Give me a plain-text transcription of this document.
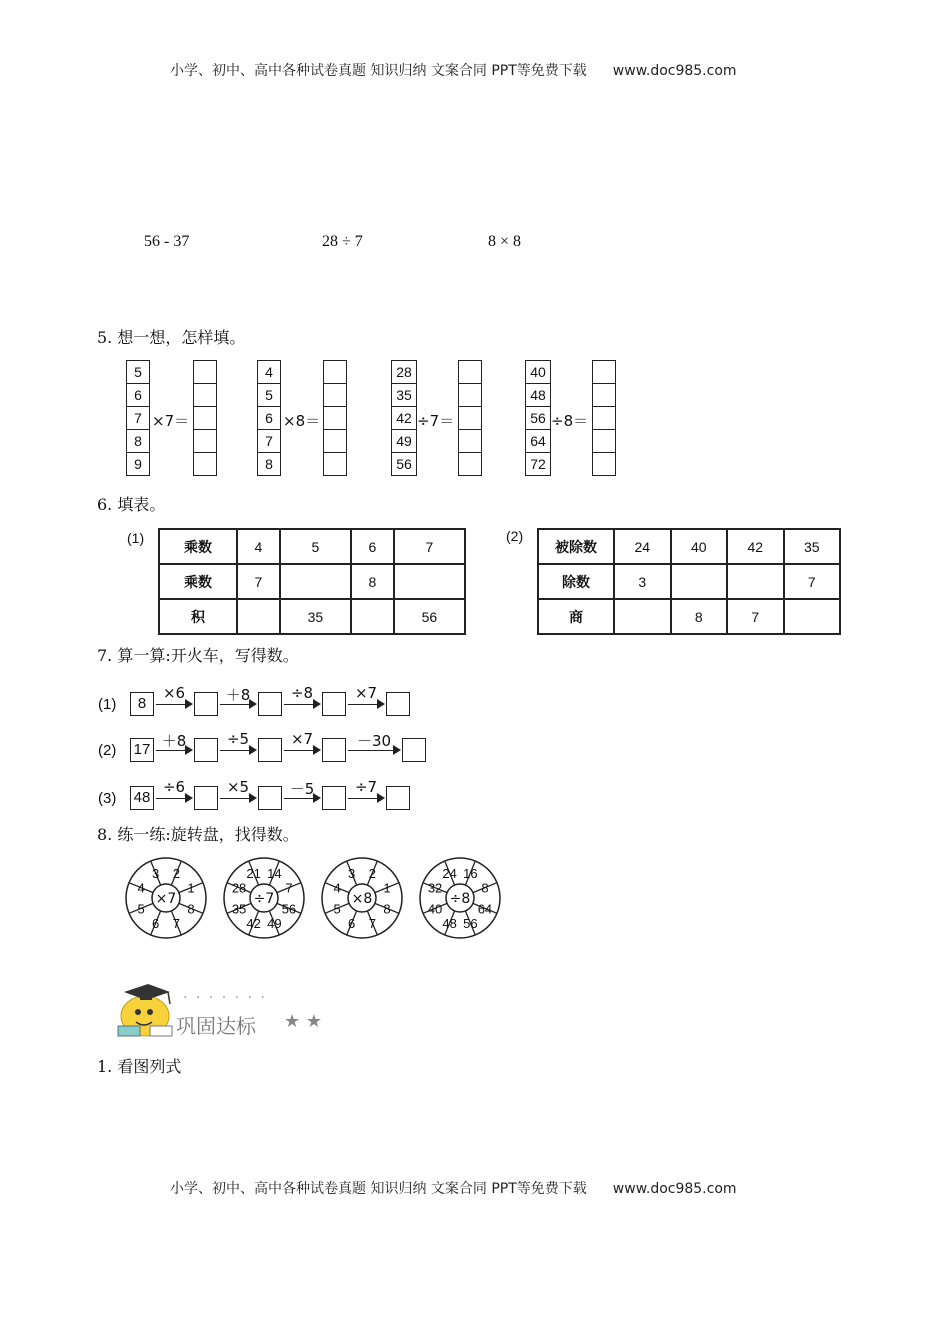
小学、初中、高中各种试卷真题 知识归纳 文案合同 PPT等免费下载 www.doc985.com
56 - 37	28 ÷ 7	8 × 8
5. 想一想，怎样填。
5
6
7
8
9
×7＝
4
5
6
7
8
×8＝
28
35
42
49
56
÷7＝
40
48
56
64
72
÷8＝
6. 填表。
(1)
乘数	4	5	6	7
乘数	7		8	
积		35		56
(2)
被除数	24	40	42	35
除数	3			7
商		8	7	
7. 算一算:开火车，写得数。
(1)	8
×6	＋8	÷8	×7
(2)	17 ＋8	÷5	×7	－30
(3)	48
÷6	×5	－5	÷7
8. 练一练:旋转盘，找得数。
3 2
1
8
7
6
5
4
×7
21 14
7
56
49
42
35
28
÷7
3 2
1
8
7
6
5
4
×8
24 16
8
64
56
48
40
32
÷8
· · · · · · ·
巩固达标 ★ ★
1. 看图列式
小学、初中、高中各种试卷真题 知识归纳 文案合同 PPT等免费下载 www.doc985.com
